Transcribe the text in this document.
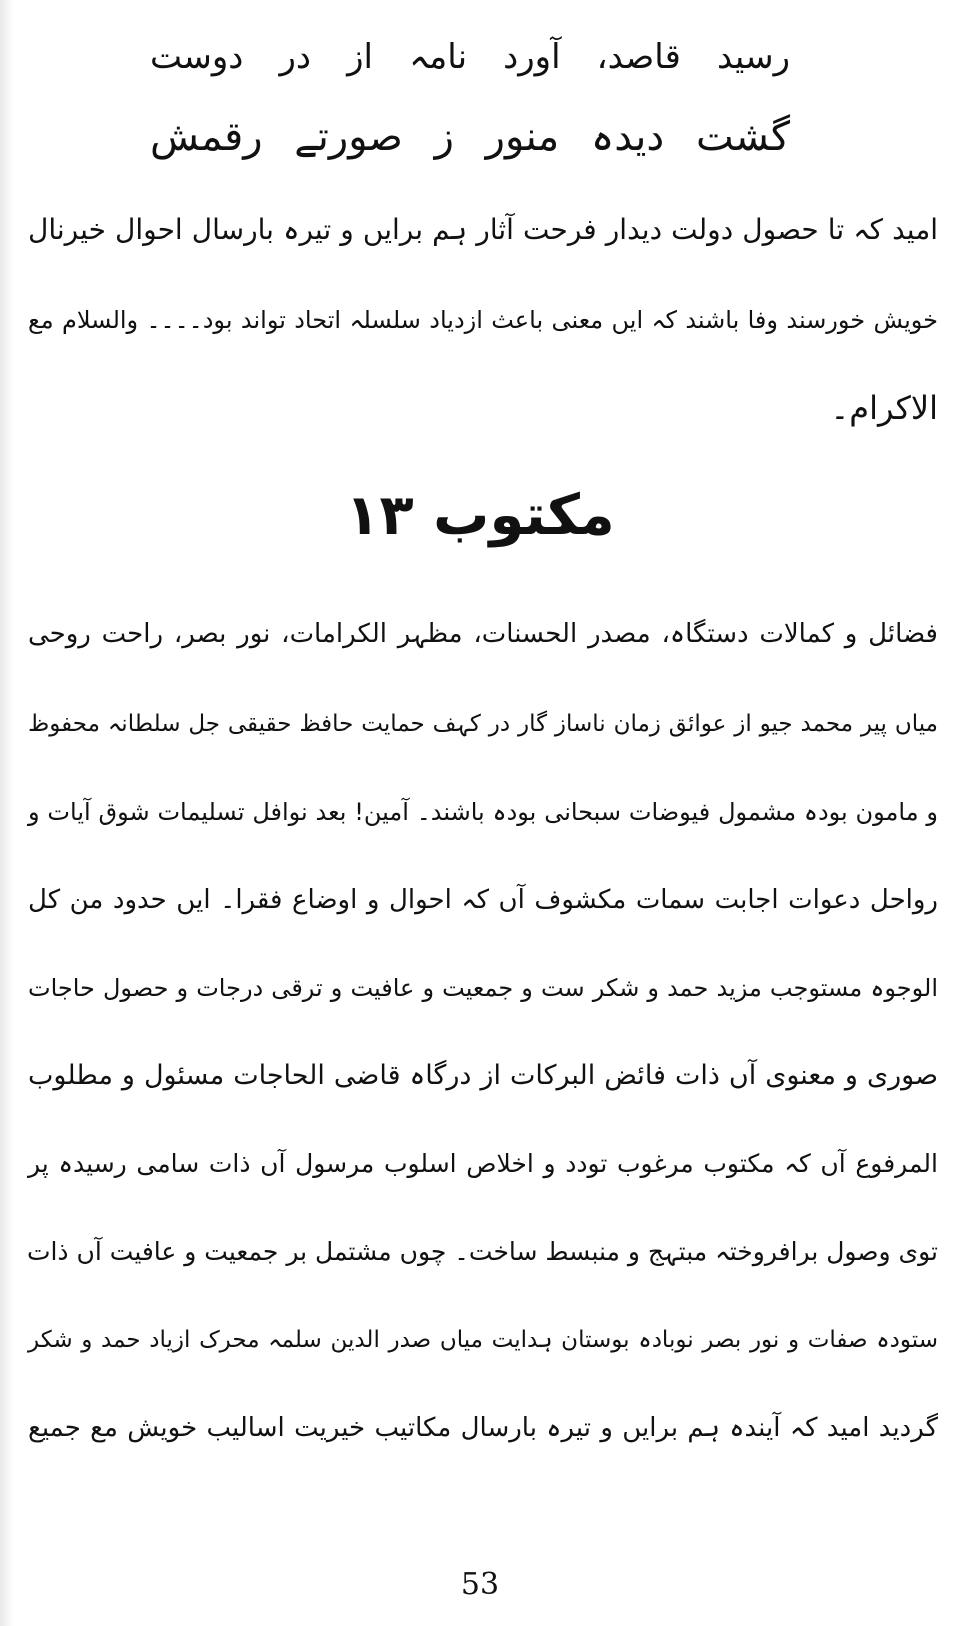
رسید قاصد، آورد نامہ از در دوست
گشت دیدہ منور ز صورتے رقمش
امید کہ تا حصول دولت دیدار فرحت آثار ہم برایں و تیرہ بارسال احوال خیرنال
خویش خورسند وفا باشند کہ ایں معنی باعث ازدیاد سلسلہ اتحاد تواند بود۔۔۔۔ والسلام مع
الاکرام۔
مکتوب ۱۳
فضائل و کمالات دستگاہ، مصدر الحسنات، مظہر الکرامات، نور بصر، راحت روحی
میاں پیر محمد جیو از عوائق زمان ناساز گار در کہف حمایت حافظ حقیقی جل سلطانہ محفوظ
و مامون بودہ مشمول فیوضات سبحانی بودہ باشند۔ آمین! بعد نوافل تسلیمات شوق آیات و
رواحل دعوات اجابت سمات مکشوف آں کہ احوال و اوضاع فقرا۔ ایں حدود من کل
الوجوہ مستوجب مزید حمد و شکر ست و جمعیت و عافیت و ترقی درجات و حصول حاجات
صوری و معنوی آں ذات فائض البرکات از درگاہ قاضی الحاجات مسئول و مطلوب
المرفوع آں کہ مکتوب مرغوب تودد و اخلاص اسلوب مرسول آں ذات سامی رسیدہ پر
توی وصول برافروختہ مبتہج و منبسط ساخت۔ چوں مشتمل بر جمعیت و عافیت آں ذات
ستودہ صفات و نور بصر نوبادہ بوستان ہدایت میاں صدر الدین سلمہ محرک ازیاد حمد و شکر
گردید امید کہ آیندہ ہم برایں و تیرہ بارسال مکاتیب خیریت اسالیب خویش مع جمیع
53
